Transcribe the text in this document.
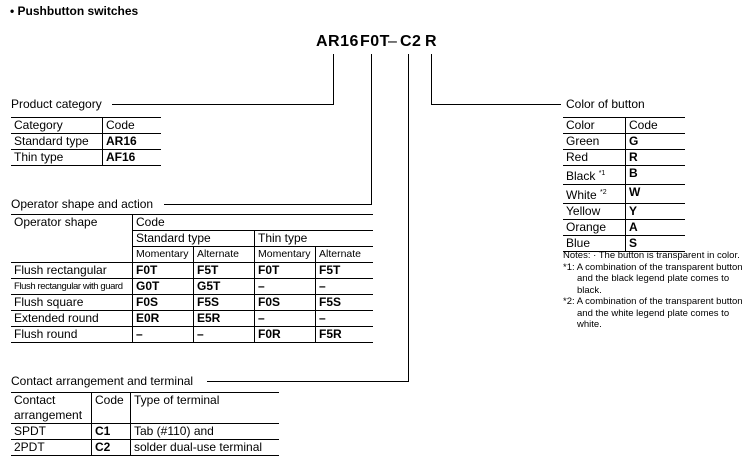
• Pushbutton switches
AR16 F0T
– C2 R
Product category
Operator shape and action
Contact arrangement and terminal
Color of button
Category	Code
Standard type	AR16
Thin type	AF16
Operator shape	Code			
	Standard type		Thin type	
	Momentary	Alternate	Momentary	Alternate
Flush rectangular	F0T	F5T	F0T	F5T
Flush rectangular with guard	G0T	G5T	–	–
Flush square	F0S	F5S	F0S	F5S
Extended round	E0R	E5R	–	–
Flush round	–	–	F0R	F5R
Contact
arrangement	Code	Type of terminal
SPDT	C1	Tab (#110) and
2PDT	C2	solder dual-use terminal
Color	Code
Green	G
Red	R
Black $^{*1}$	B
White $^{*2}$	W
Yellow	Y
Orange	A
Blue	S
Notes: · The button is transparent in color.
*1: A combination of the transparent button
and the black legend plate comes to
black.
*2: A combination of the transparent button
and the white legend plate comes to
white.
